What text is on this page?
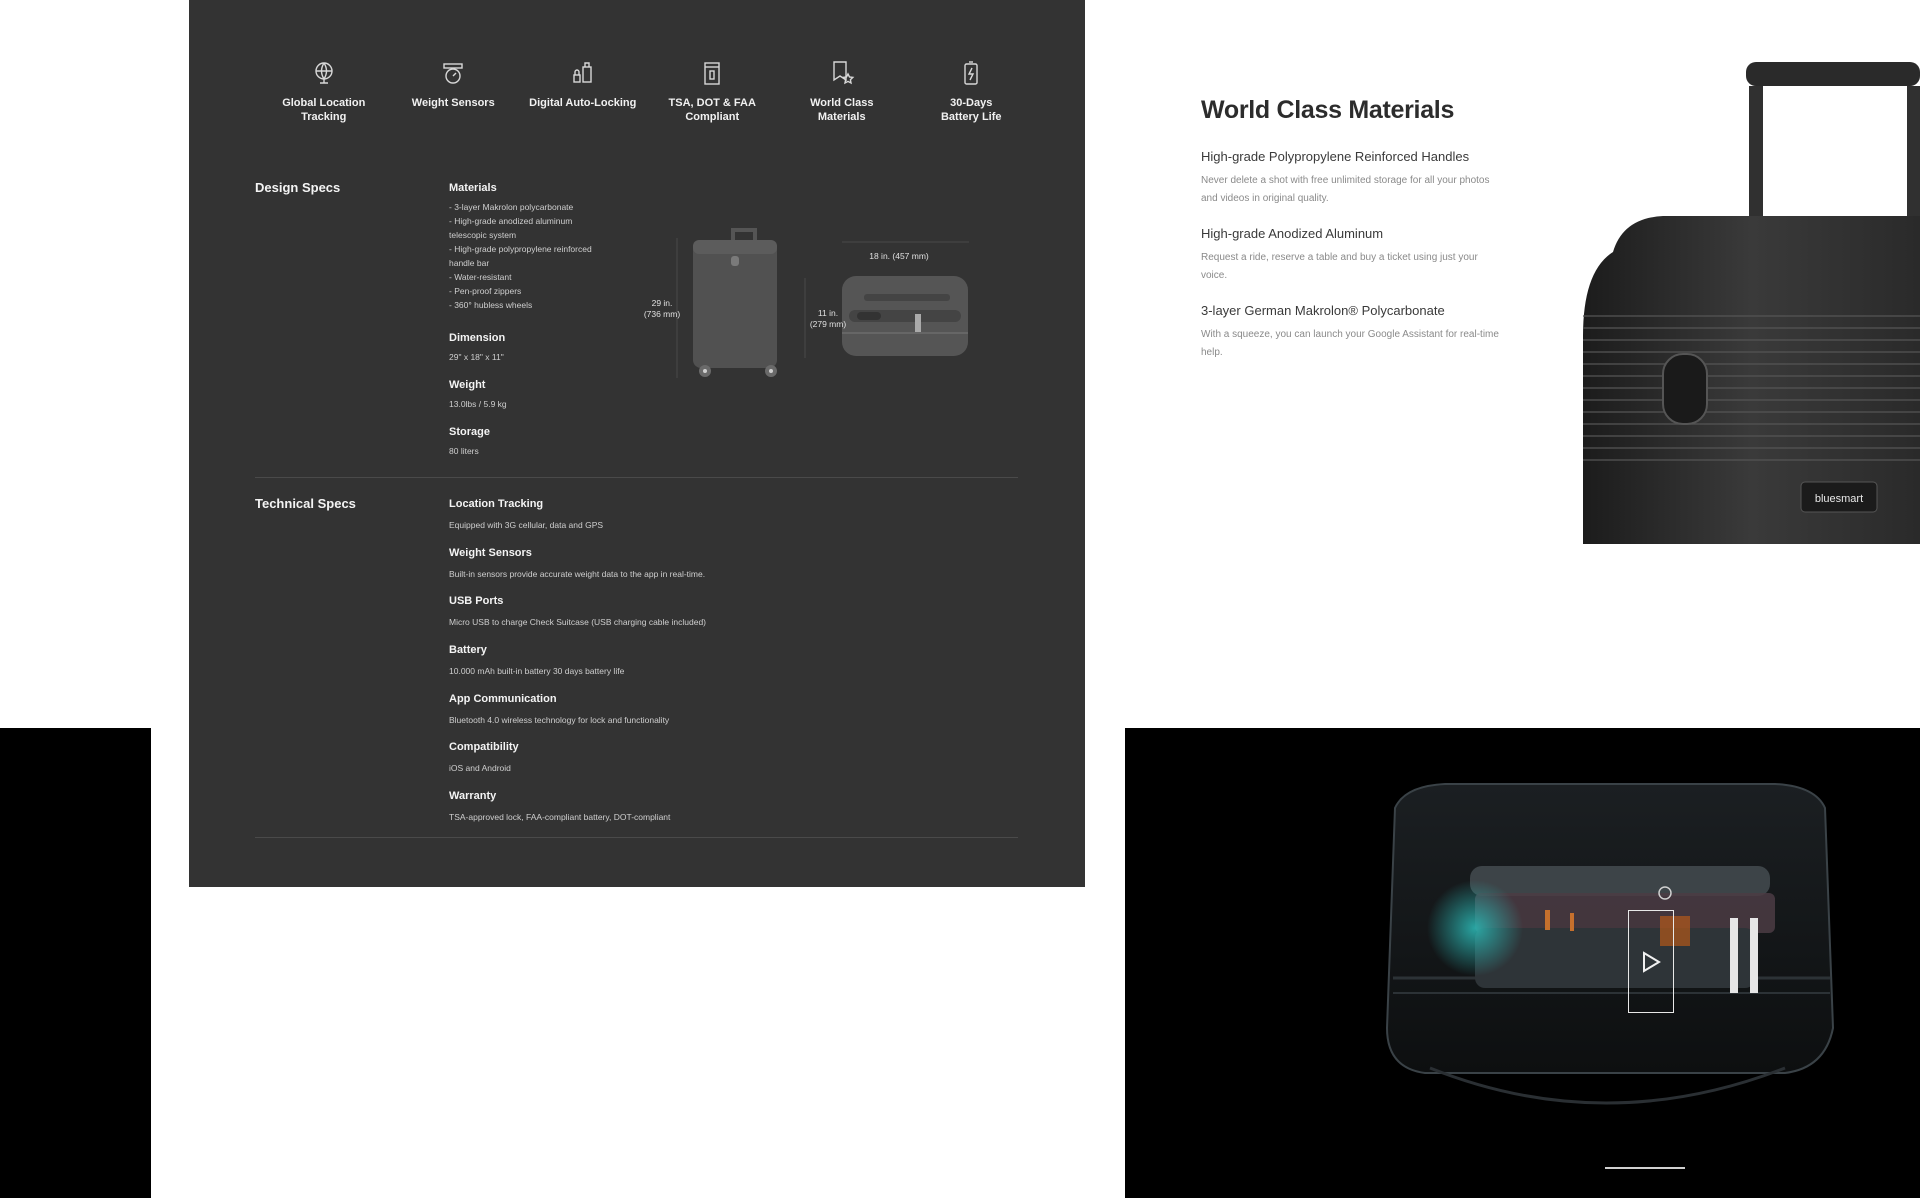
Global Location
Tracking
Weight Sensors	Digital Auto-Locking	TSA, DOT & FAA
Compliant
World Class
Materials
30-Days
Battery Life
Design Specs	Materials
- 3-layer Makrolon polycarbonate
- High-grade anodized aluminum
telescopic system
- High-grade polypropylene reinforced
handle bar
- Water-resistant
- Pen-proof zippers
- 360° hubless wheels
Dimension
29" x 18" x 11"
Weight
13.0lbs / 5.9 kg
Storage
80 liters
29 in.
(736 mm)
18 in. (457 mm)
11 in.
(279 mm)
Technical Specs	Location Tracking
Equipped with 3G cellular, data and GPS
Weight Sensors
Built-in sensors provide accurate weight data to the app in real-time.
USB Ports
Micro USB to charge Check Suitcase (USB charging cable included)
Battery
10.000 mAh built-in battery 30 days battery life
App Communication
Bluetooth 4.0 wireless technology for lock and functionality
Compatibility
iOS and Android
Warranty
TSA-approved lock, FAA-compliant battery, DOT-compliant
World Class Materials
High-grade Polypropylene Reinforced Handles
Never delete a shot with free unlimited storage for all your photos and videos in original quality.
High-grade Anodized Aluminum
Request a ride, reserve a table and buy a ticket using just your voice.
3-layer German Makrolon® Polycarbonate
With a squeeze, you can launch your Google Assistant for real-time help.
bluesmart
